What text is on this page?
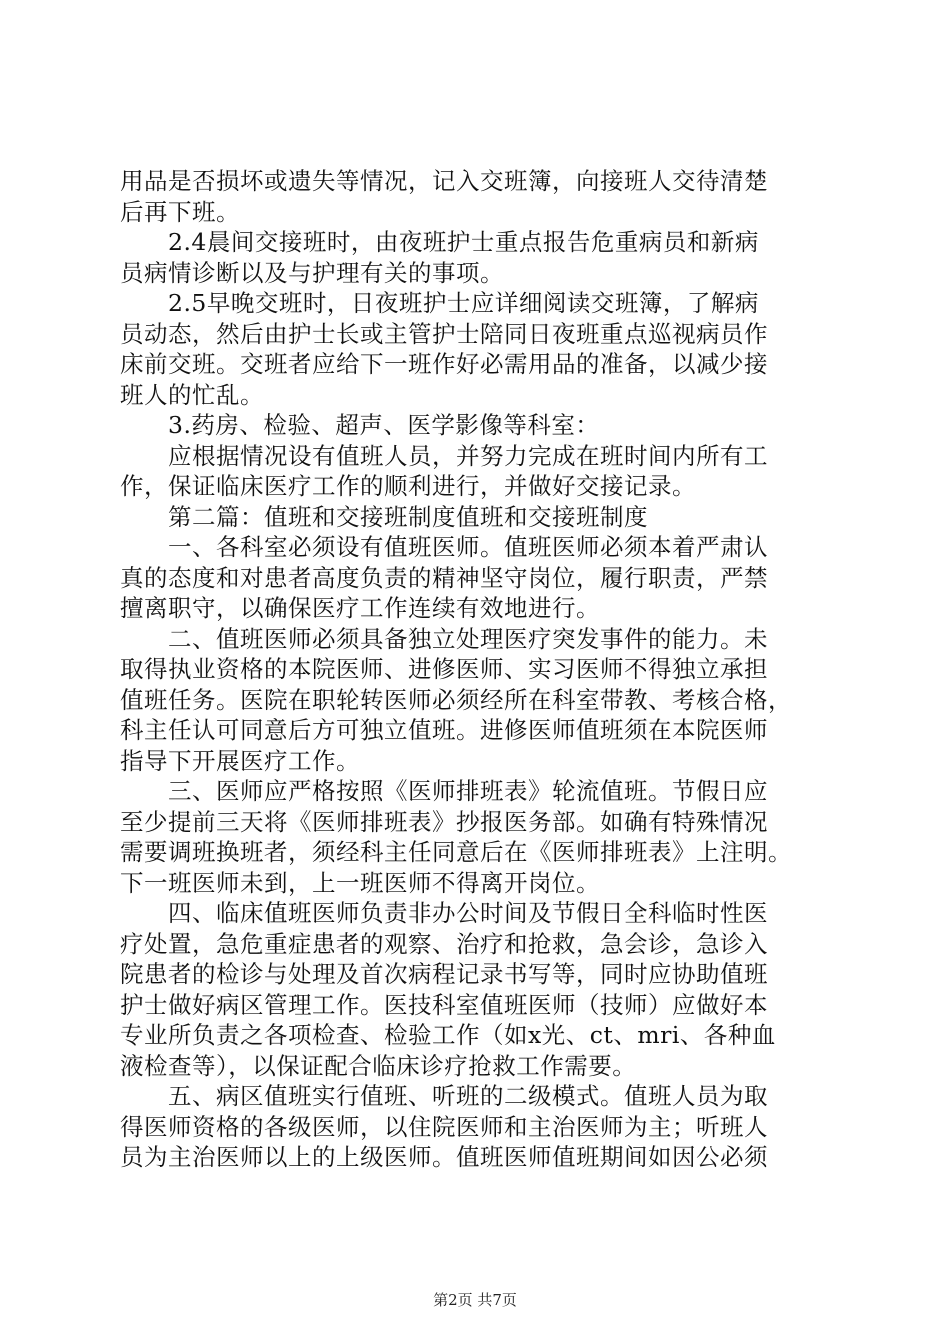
用品是否损坏或遗失等情况，记入交班簿，向接班人交待清楚
后再下班。
2.4晨间交接班时，由夜班护士重点报告危重病员和新病
员病情诊断以及与护理有关的事项。
2.5早晚交班时，日夜班护士应详细阅读交班簿，了解病
员动态，然后由护士长或主管护士陪同日夜班重点巡视病员作
床前交班。交班者应给下一班作好必需用品的准备，以减少接
班人的忙乱。
3.药房、检验、超声、医学影像等科室：
应根据情况设有值班人员，并努力完成在班时间内所有工
作，保证临床医疗工作的顺利进行，并做好交接记录。
第二篇：值班和交接班制度值班和交接班制度
一、各科室必须设有值班医师。值班医师必须本着严肃认
真的态度和对患者高度负责的精神坚守岗位，履行职责，严禁
擅离职守，以确保医疗工作连续有效地进行。
二、值班医师必须具备独立处理医疗突发事件的能力。未
取得执业资格的本院医师、进修医师、实习医师不得独立承担
值班任务。医院在职轮转医师必须经所在科室带教、考核合格，
科主任认可同意后方可独立值班。进修医师值班须在本院医师
指导下开展医疗工作。
三、医师应严格按照《医师排班表》轮流值班。节假日应
至少提前三天将《医师排班表》抄报医务部。如确有特殊情况
需要调班换班者，须经科主任同意后在《医师排班表》上注明。
下一班医师未到，上一班医师不得离开岗位。
四、临床值班医师负责非办公时间及节假日全科临时性医
疗处置，急危重症患者的观察、治疗和抢救，急会诊，急诊入
院患者的检诊与处理及首次病程记录书写等，同时应协助值班
护士做好病区管理工作。医技科室值班医师（技师）应做好本
专业所负责之各项检查、检验工作（如x光、ct、mri、各种血
液检查等），以保证配合临床诊疗抢救工作需要。
五、病区值班实行值班、听班的二级模式。值班人员为取
得医师资格的各级医师，以住院医师和主治医师为主；听班人
员为主治医师以上的上级医师。值班医师值班期间如因公必须
第2页 共7页
